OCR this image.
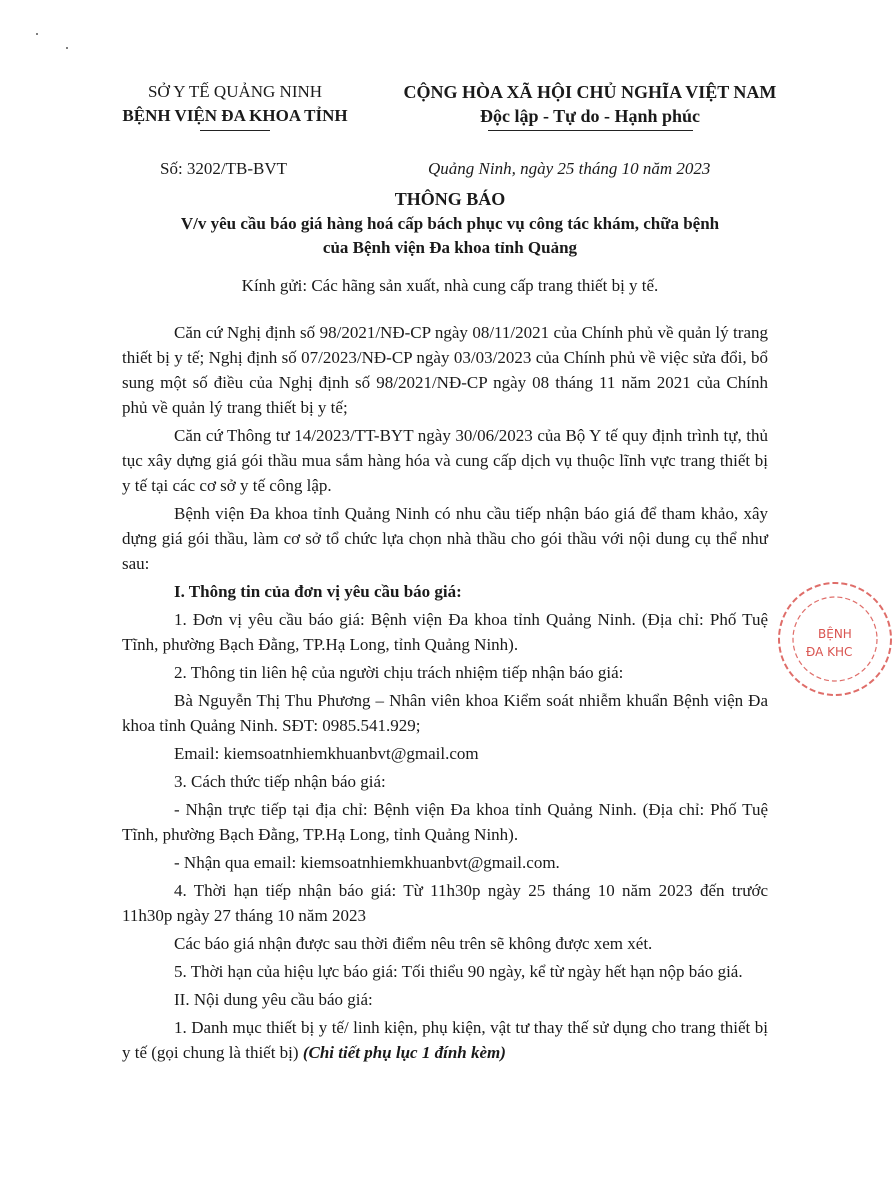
SỞ Y TẾ QUẢNG NINH
BỆNH VIỆN ĐA KHOA TỈNH
CỘNG HÒA XÃ HỘI CHỦ NGHĨA VIỆT NAM
Độc lập - Tự do - Hạnh phúc
Số: 3202/TB-BVT	Quảng Ninh, ngày 25 tháng 10 năm 2023
THÔNG BÁO
V/v yêu cầu báo giá hàng hoá cấp bách phục vụ công tác khám, chữa bệnh
của Bệnh viện Đa khoa tỉnh Quảng
Kính gửi: Các hãng sản xuất, nhà cung cấp trang thiết bị y tế.

Căn cứ Nghị định số 98/2021/NĐ-CP ngày 08/11/2021 của Chính phủ về quản lý trang thiết bị y tế; Nghị định số 07/2023/NĐ-CP ngày 03/03/2023 của Chính phủ về việc sửa đổi, bổ sung một số điều của Nghị định số 98/2021/NĐ-CP ngày 08 tháng 11 năm 2021 của Chính phủ về quản lý trang thiết bị y tế;

Căn cứ Thông tư 14/2023/TT-BYT ngày 30/06/2023 của Bộ Y tế quy định trình tự, thủ tục xây dựng giá gói thầu mua sắm hàng hóa và cung cấp dịch vụ thuộc lĩnh vực trang thiết bị y tế tại các cơ sở y tế công lập.

Bệnh viện Đa khoa tỉnh Quảng Ninh có nhu cầu tiếp nhận báo giá để tham khảo, xây dựng giá gói thầu, làm cơ sở tổ chức lựa chọn nhà thầu cho gói thầu với nội dung cụ thể như sau:

I. Thông tin của đơn vị yêu cầu báo giá:

1. Đơn vị yêu cầu báo giá: Bệnh viện Đa khoa tỉnh Quảng Ninh. (Địa chỉ: Phố Tuệ Tĩnh, phường Bạch Đằng, TP.Hạ Long, tỉnh Quảng Ninh).

2. Thông tin liên hệ của người chịu trách nhiệm tiếp nhận báo giá:

Bà Nguyễn Thị Thu Phương – Nhân viên khoa Kiểm soát nhiễm khuẩn Bệnh viện Đa khoa tỉnh Quảng Ninh. SĐT: 0985.541.929;

Email: kiemsoatnhiemkhuanbvt@gmail.com

3. Cách thức tiếp nhận báo giá:

- Nhận trực tiếp tại địa chỉ: Bệnh viện Đa khoa tỉnh Quảng Ninh. (Địa chỉ: Phố Tuệ Tĩnh, phường Bạch Đằng, TP.Hạ Long, tỉnh Quảng Ninh).

- Nhận qua email: kiemsoatnhiemkhuanbvt@gmail.com.

4. Thời hạn tiếp nhận báo giá: Từ 11h30p ngày 25 tháng 10 năm 2023 đến trước 11h30p ngày 27 tháng 10 năm 2023

Các báo giá nhận được sau thời điểm nêu trên sẽ không được xem xét.

5. Thời hạn của hiệu lực báo giá: Tối thiểu 90 ngày, kể từ ngày hết hạn nộp báo giá.

II. Nội dung yêu cầu báo giá:

1. Danh mục thiết bị y tế/ linh kiện, phụ kiện, vật tư thay thế sử dụng cho trang thiết bị y tế (gọi chung là thiết bị) (Chi tiết phụ lục 1 đính kèm)

BỆNH
ĐA KHC
